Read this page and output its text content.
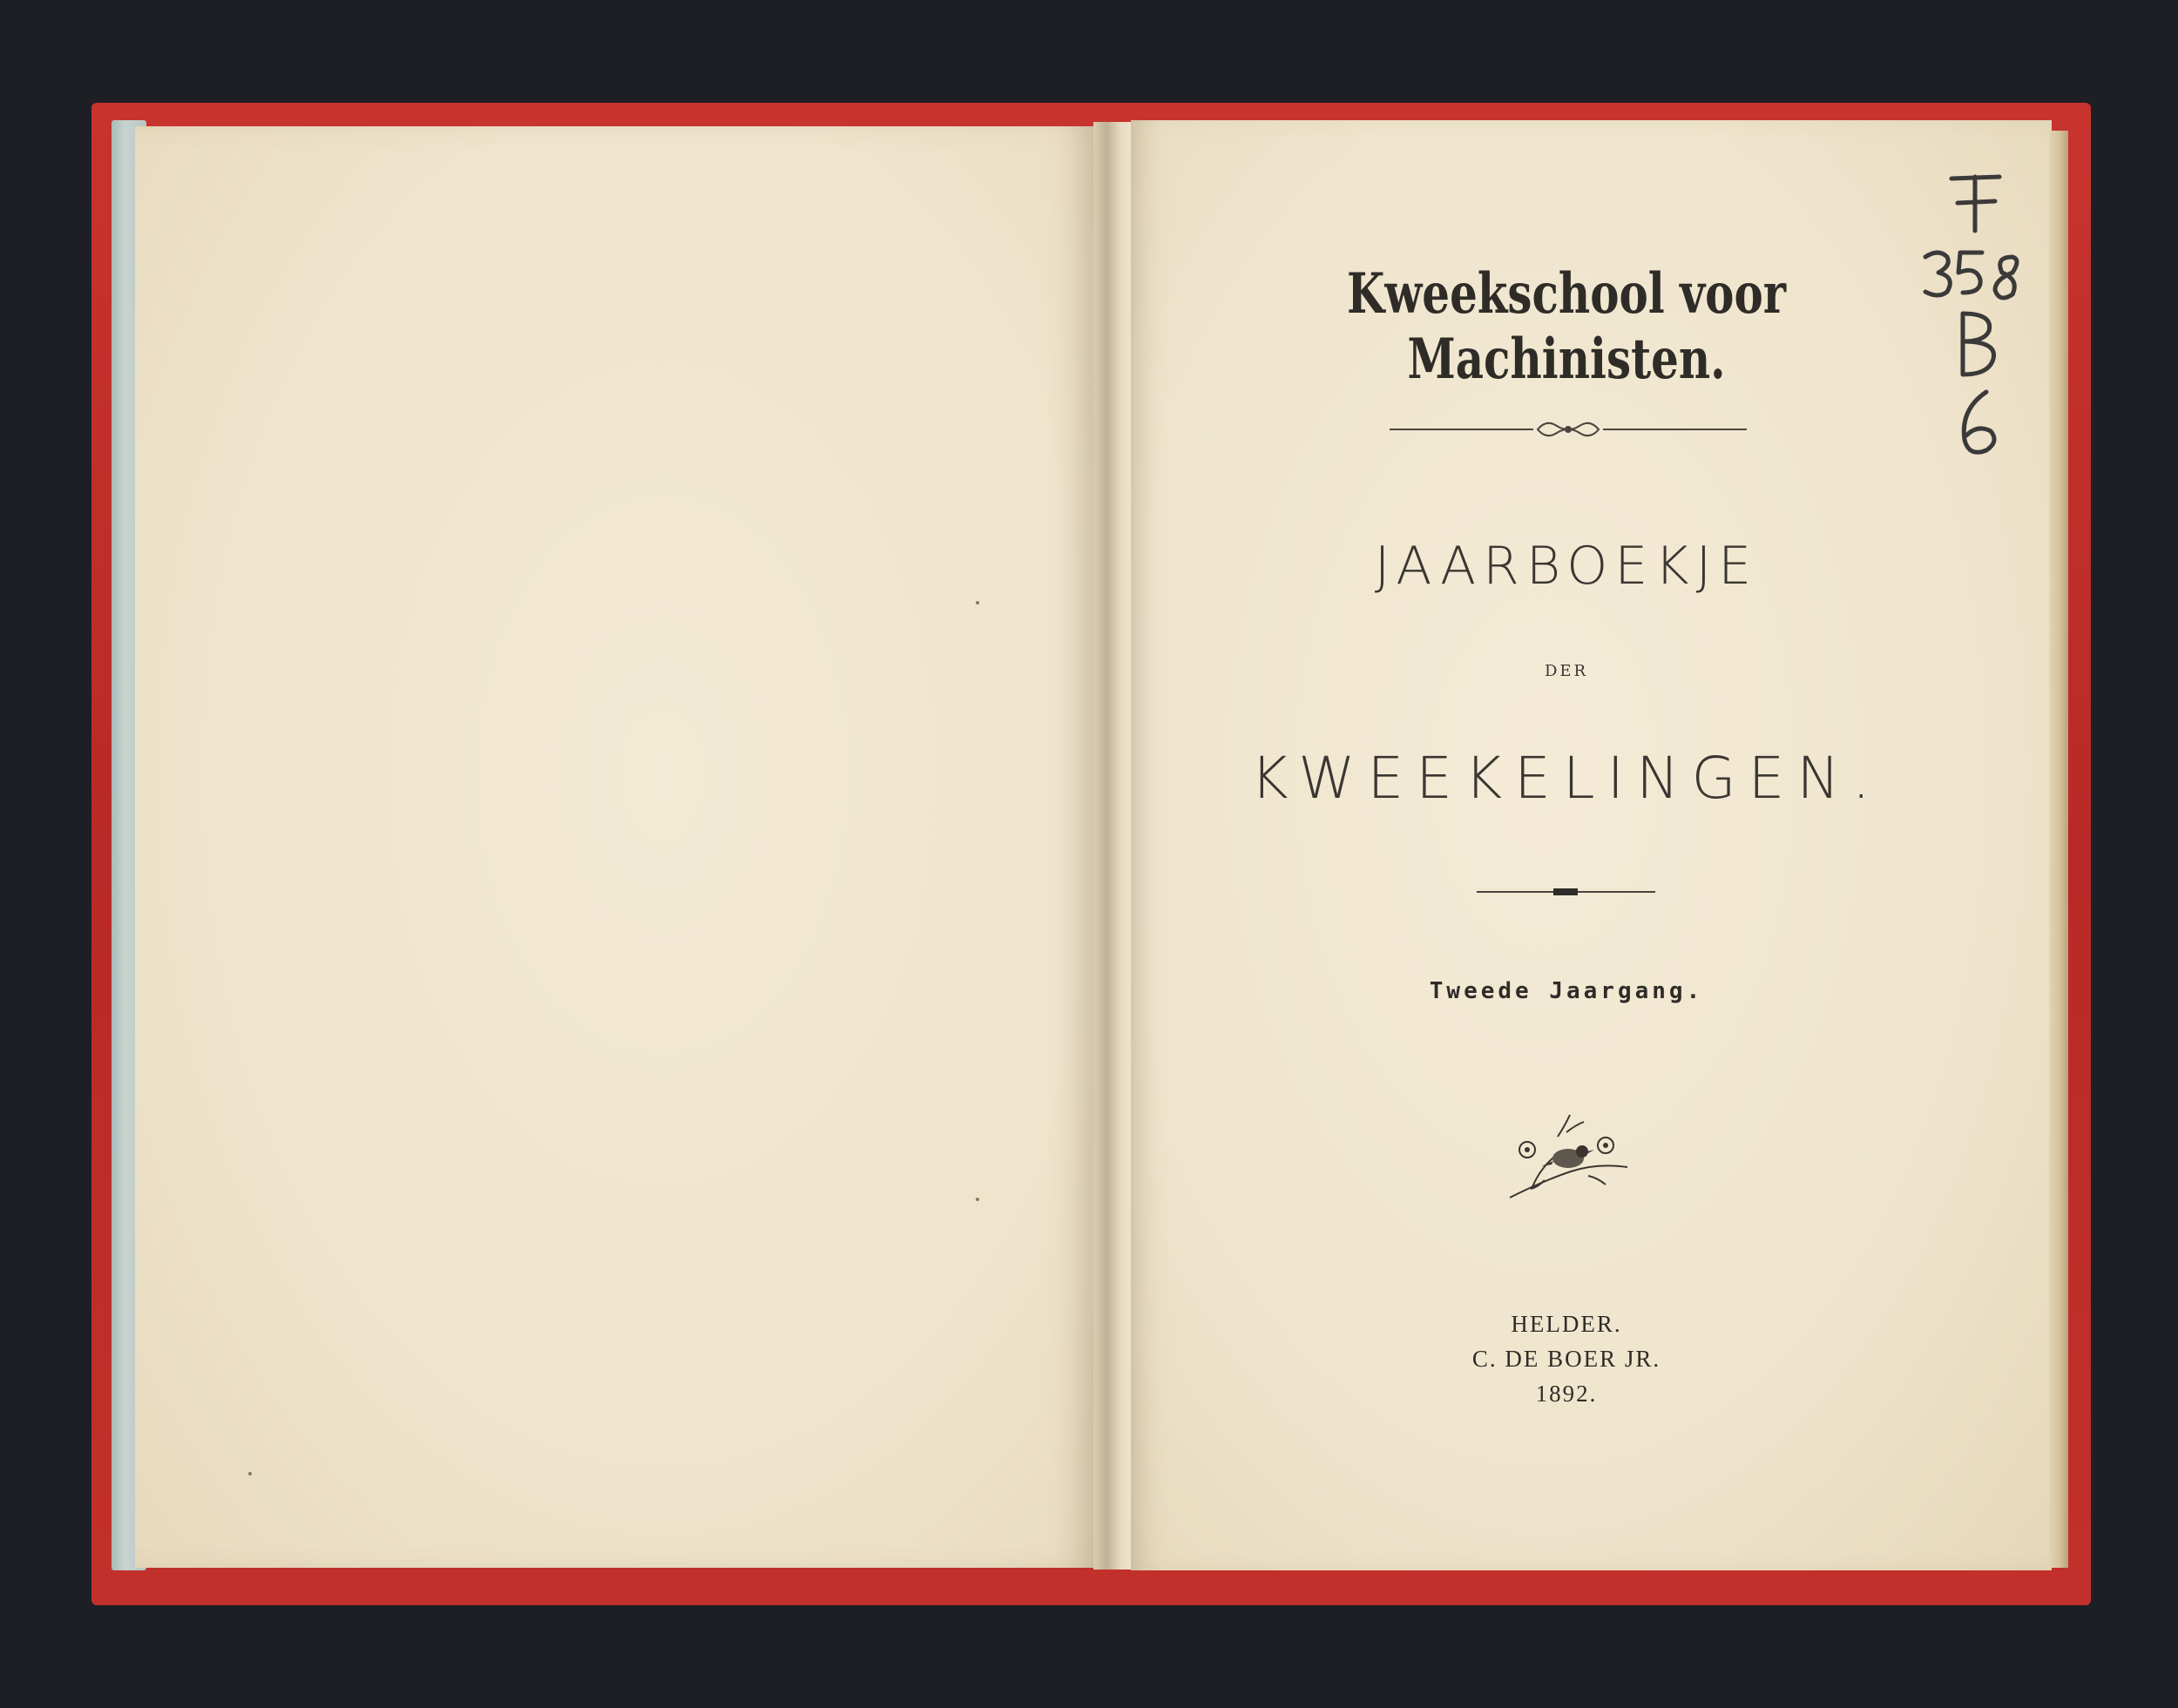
Kweekschool voor Machinisten.
JAARBOEKJE
DER
KWEEKELINGEN.
Tweede Jaargang.
HELDER.
C. DE BOER JR.
1892.
